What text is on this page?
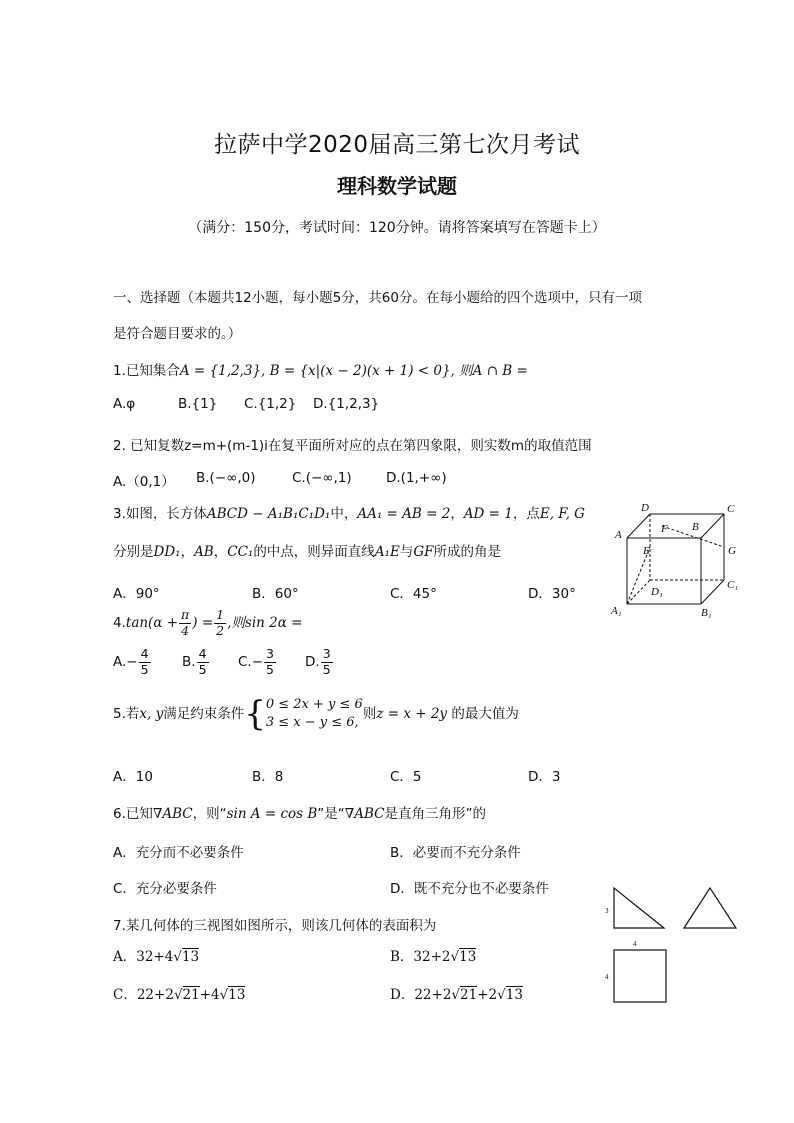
拉萨中学2020届高三第七次月考试
理科数学试题
（满分：150分，考试时间：120分钟。请将答案填写在答题卡上）
一、选择题（本题共12小题，每小题5分，共60分。在每小题给的四个选项中，只有一项
是符合题目要求的。）
1.已知集合A = {1,2,3}, B = {x|(x − 2)(x + 1) < 0}, 则A ∩ B =
A.φ	B.{1} C.{1,2} D.{1,2,3}
2. 已知复数z=m+(m-1)i在复平面所对应的点在第四象限，则实数m的取值范围
A.（0,1） B.(−∞,0)	C.(−∞,1)	D.(1,+∞)
3.如图，长方体ABCD − A₁B₁C₁D₁中，AA₁ = AB = 2，AD = 1，点E, F, G
分别是DD₁，AB，CC₁的中点，则异面直线A₁E与GF所成的角是
A．90°	B．60°	C．45°	D．30°
D	C
A	F B
E	G
D₁
C₁
A₁	B₁
$4.\tan(\alpha + \frac{\pi}{4}$ ) = $\frac{1}{2}$ ,则sin 2α =
$A.- \frac{4}{5} B$. $\frac{4}{5} C.- \frac{3}{5} D$. $\frac{3}{5}$
5.若x, y满足约束条件{ 0 ≤ 2x + y ≤ 6
3 ≤ x − y ≤ 6,
则z = x + 2y 的最大值为
A．10	B．8	C．5	D．3
6.已知∇ABC，则“sin A = cos B”是“∇ABC是直角三角形”的
A．充分而不必要条件	B．必要而不充分条件
C．充分必要条件	D．既不充分也不必要条件
7.某几何体的三视图如图所示，则该几何体的表面积为
A．32+4√13	B．32+2√13
C．22+2√21+4√13	D．22+2√21+2√13
3
4
4
